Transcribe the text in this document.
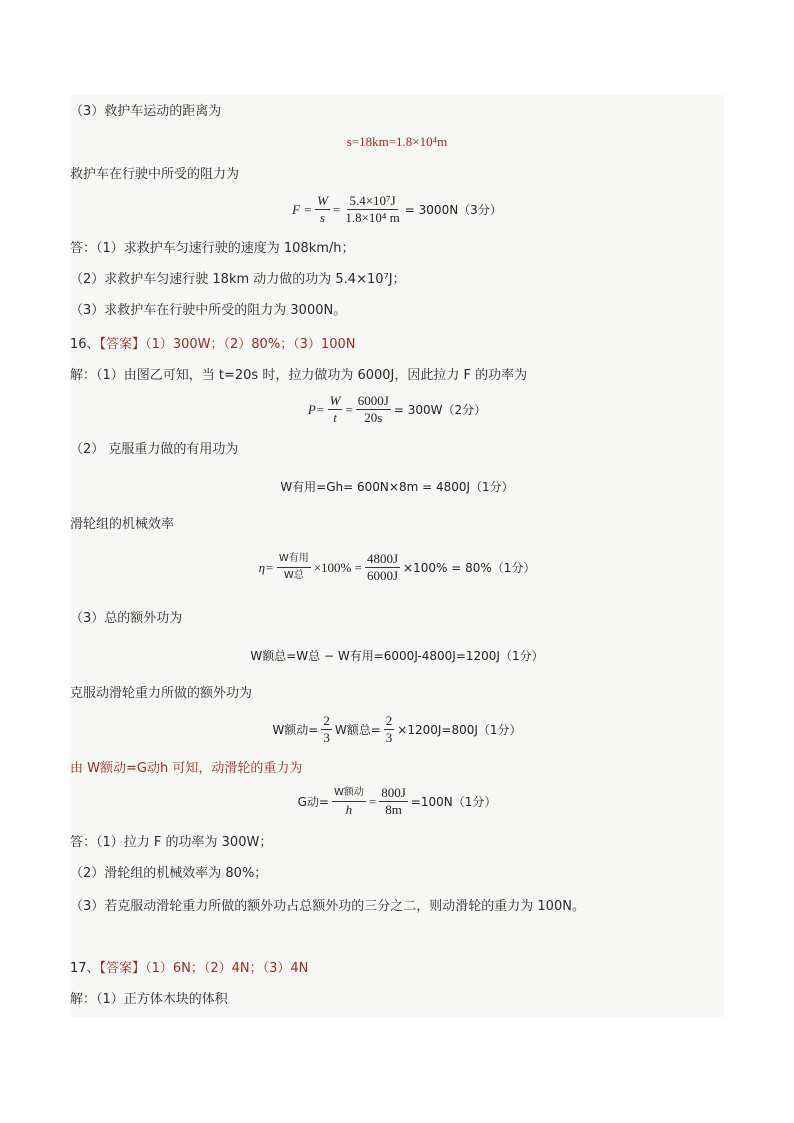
（3）救护车运动的距离为
s=18km=1.8×10⁴m
救护车在行驶中所受的阻力为
$F = \frac{W}{s} = \frac{\text{5.4×10⁷J}}{\text{1.8×10⁴ m}} = 3000N(3$分）
答：（1）求救护车匀速行驶的速度为 108km/h；
（2）求救护车匀速行驶 18km 动力做的功为 5.4×10⁷J；
（3）求救护车在行驶中所受的阻力为 3000N。
16、【答案】（1）300W；（2）80%；（3）100N
解：（1）由图乙可知，当 t=20s 时，拉力做功为 6000J，因此拉力 F 的功率为
$P= \frac{W}{t} = \frac{6000J}{20s} = 300W(2$分）
（2） 克服重力做的有用功为
W有用=Gh= 600N×8m = 4800J（1分）
滑轮组的机械效率
$\eta= \frac{\text{W有用}}{\text{W总}} \times 100\% = \frac{4800J}{6000J} \times 100\% = 80\%(1$分）
（3）总的额外功为
W额总=W总 − W有用=6000J-4800J=1200J（1分）
克服动滑轮重力所做的额外功为
W额动= $\frac{2}{3}$ W额总= $\frac{2}{3} \times 1200J=800J(1$分）
由 W额动=G动h 可知，动滑轮的重力为
G动= $\frac{\text{W额动}}{h} = \frac{800J}{8m} =100N(1$分）
答：（1）拉力 F 的功率为 300W；
（2）滑轮组的机械效率为 80%；
（3）若克服动滑轮重力所做的额外功占总额外功的三分之二，则动滑轮的重力为 100N。
17、【答案】（1）6N；（2）4N；（3）4N
解：（1）正方体木块的体积
